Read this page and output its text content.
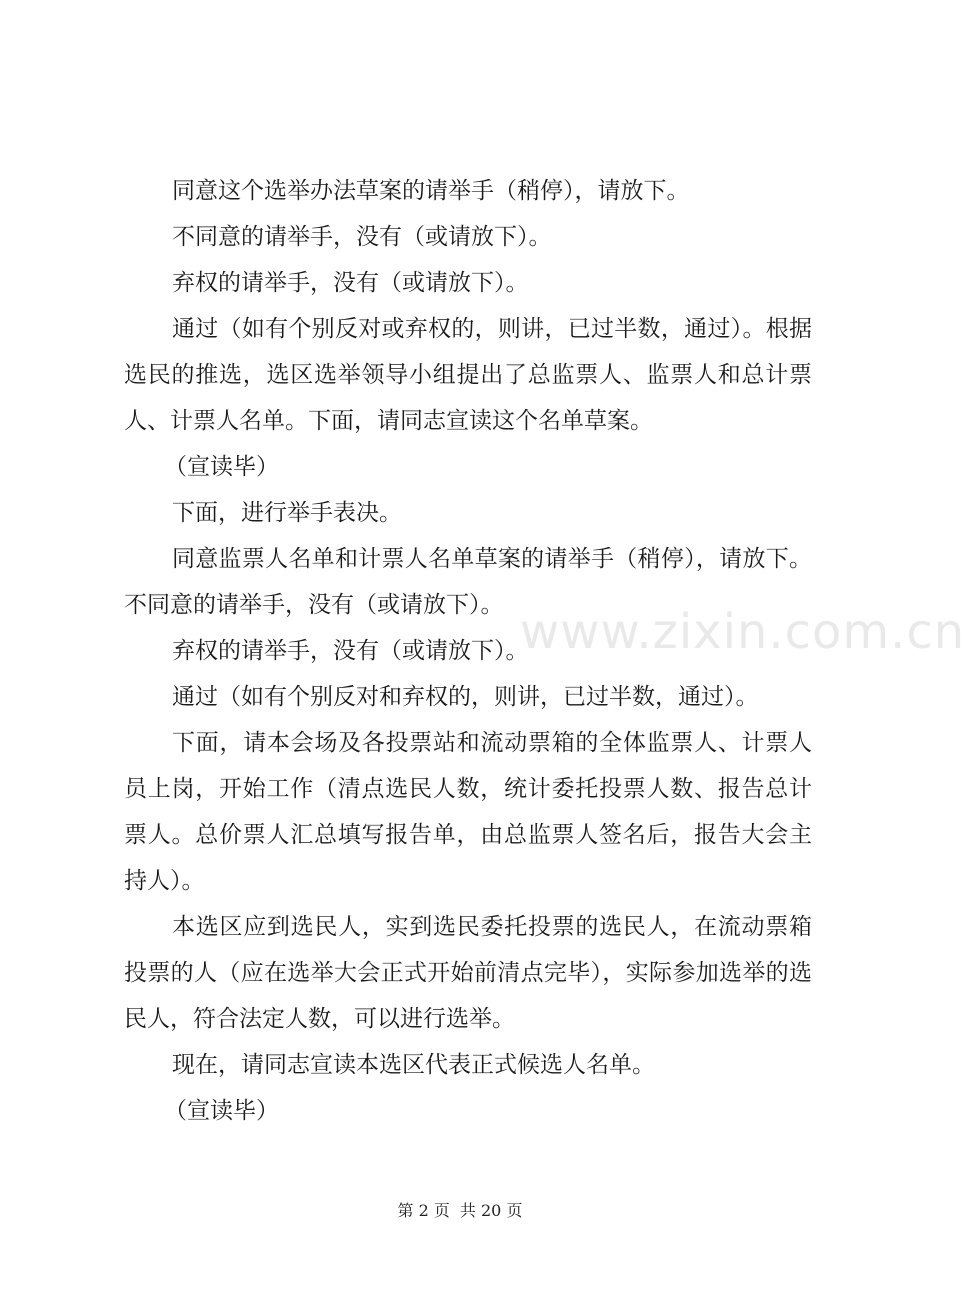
同意这个选举办法草案的请举手（稍停），请放下。

不同意的请举手，没有（或请放下）。

弃权的请举手，没有（或请放下）。

通过（如有个别反对或弃权的，则讲，已过半数，通过）。根据选民的推选，选区选举领导小组提出了总监票人、监票人和总计票人、计票人名单。下面，请同志宣读这个名单草案。

（宣读毕）

下面，进行举手表决。

同意监票人名单和计票人名单草案的请举手（稍停），请放下。不同意的请举手，没有（或请放下）。

弃权的请举手，没有（或请放下）。

通过（如有个别反对和弃权的，则讲，已过半数，通过）。

下面，请本会场及各投票站和流动票箱的全体监票人、计票人员上岗，开始工作（清点选民人数，统计委托投票人数、报告总计票人。总价票人汇总填写报告单，由总监票人签名后，报告大会主持人）。

本选区应到选民人，实到选民委托投票的选民人，在流动票箱投票的人（应在选举大会正式开始前清点完毕），实际参加选举的选民人，符合法定人数，可以进行选举。

现在，请同志宣读本选区代表正式候选人名单。

（宣读毕）

www.zixin.com.cn
第 2 页 共 20 页
